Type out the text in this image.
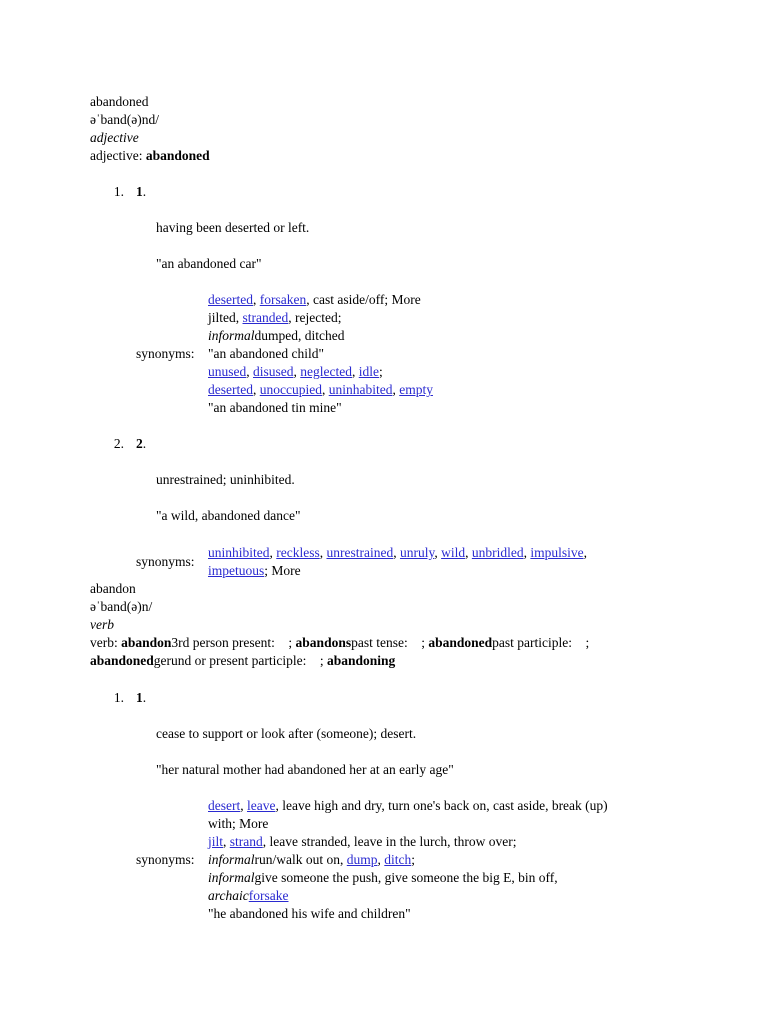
abandoned
əˈband(ə)nd/
adjective
adjective: abandoned
1. 1.
having been deserted or left.
"an abandoned car"
synonyms:
deserted, forsaken, cast aside/off; More
jilted, stranded, rejected;
informaldumped, ditched
"an abandoned child"
unused, disused, neglected, idle;
deserted, unoccupied, uninhabited, empty
"an abandoned tin mine"
2. 2.
unrestrained; uninhibited.
"a wild, abandoned dance"
synonyms:
uninhibited, reckless, unrestrained, unruly, wild, unbridled, impulsive,
impetuous; More
abandon
əˈband(ə)n/
verb
verb: abandon3rd person present:    ; abandonspast tense:    ; abandonedpast participle:    ;
abandonedgerund or present participle:    ; abandoning
1. 1.
cease to support or look after (someone); desert.
"her natural mother had abandoned her at an early age"
synonyms:
desert, leave, leave high and dry, turn one's back on, cast aside, break (up)
with; More
jilt, strand, leave stranded, leave in the lurch, throw over;
informalrun/walk out on, dump, ditch;
informalgive someone the push, give someone the big E, bin off,
archaicforsake
"he abandoned his wife and children"
